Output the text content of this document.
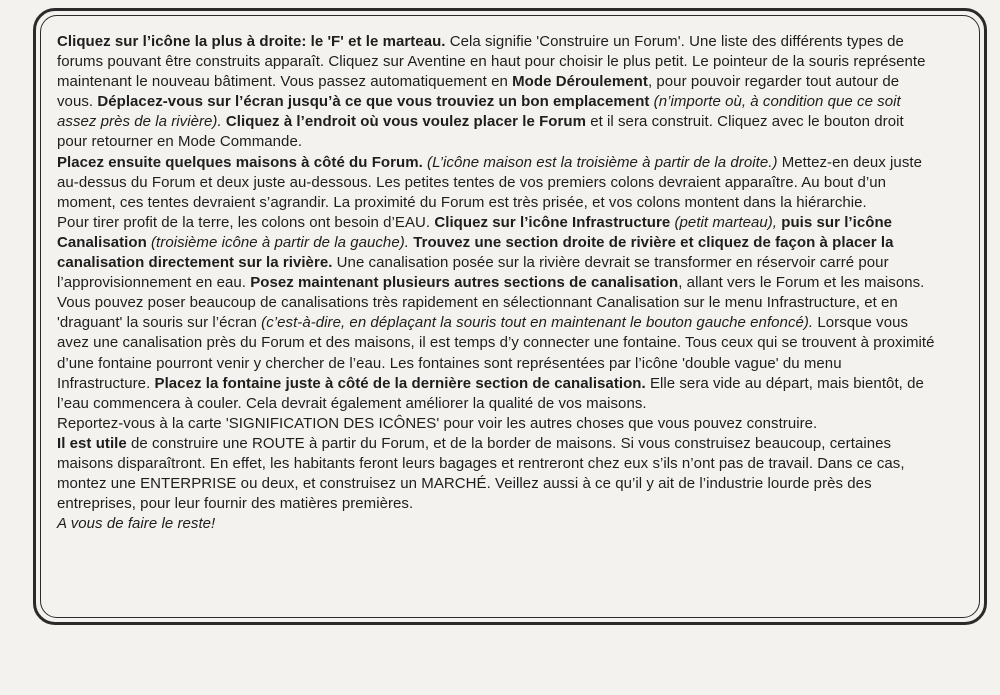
Cliquez sur l’icône la plus à droite: le 'F' et le marteau. Cela signifie 'Construire un Forum'. Une liste des différents types de forums pouvant être construits apparaît. Cliquez sur Aventine en haut pour choisir le plus petit. Le pointeur de la souris représente maintenant le nouveau bâtiment. Vous passez automatiquement en Mode Déroulement, pour pouvoir regarder tout autour de vous. Déplacez-vous sur l’écran jusqu’à ce que vous trouviez un bon emplacement (n’importe où, à condition que ce soit assez près de la rivière). Cliquez à l’endroit où vous voulez placer le Forum et il sera construit. Cliquez avec le bouton droit pour retourner en Mode Commande.

Placez ensuite quelques maisons à côté du Forum. (L’icône maison est la troisième à partir de la droite.) Mettez-en deux juste au-dessus du Forum et deux juste au-dessous. Les petites tentes de vos premiers colons devraient apparaître. Au bout d’un moment, ces tentes devraient s’agrandir. La proximité du Forum est très prisée, et vos colons montent dans la hiérarchie.

Pour tirer profit de la terre, les colons ont besoin d’EAU. Cliquez sur l’icône Infrastructure (petit marteau), puis sur l’icône Canalisation (troisième icône à partir de la gauche). Trouvez une section droite de rivière et cliquez de façon à placer la canalisation directement sur la rivière. Une canalisation posée sur la rivière devrait se transformer en réservoir carré pour l’approvisionnement en eau. Posez maintenant plusieurs autres sections de canalisation, allant vers le Forum et les maisons. Vous pouvez poser beaucoup de canalisations très rapidement en sélectionnant Canalisation sur le menu Infrastructure, et en 'draguant' la souris sur l’écran (c’est-à-dire, en déplaçant la souris tout en maintenant le bouton gauche enfoncé). Lorsque vous avez une canalisation près du Forum et des maisons, il est temps d’y connecter une fontaine. Tous ceux qui se trouvent à proximité d’une fontaine pourront venir y chercher de l’eau. Les fontaines sont représentées par l’icône 'double vague' du menu Infrastructure. Placez la fontaine juste à côté de la dernière section de canalisation. Elle sera vide au départ, mais bientôt, de l’eau commencera à couler. Cela devrait également améliorer la qualité de vos maisons.

Reportez-vous à la carte 'SIGNIFICATION DES ICÔNES' pour voir les autres choses que vous pouvez construire.

Il est utile de construire une ROUTE à partir du Forum, et de la border de maisons. Si vous construisez beaucoup, certaines maisons disparaîtront. En effet, les habitants feront leurs bagages et rentreront chez eux s’ils n’ont pas de travail. Dans ce cas, montez une ENTERPRISE ou deux, et construisez un MARCHÉ. Veillez aussi à ce qu’il y ait de l’industrie lourde près des entreprises, pour leur fournir des matières premières.

A vous de faire le reste!
